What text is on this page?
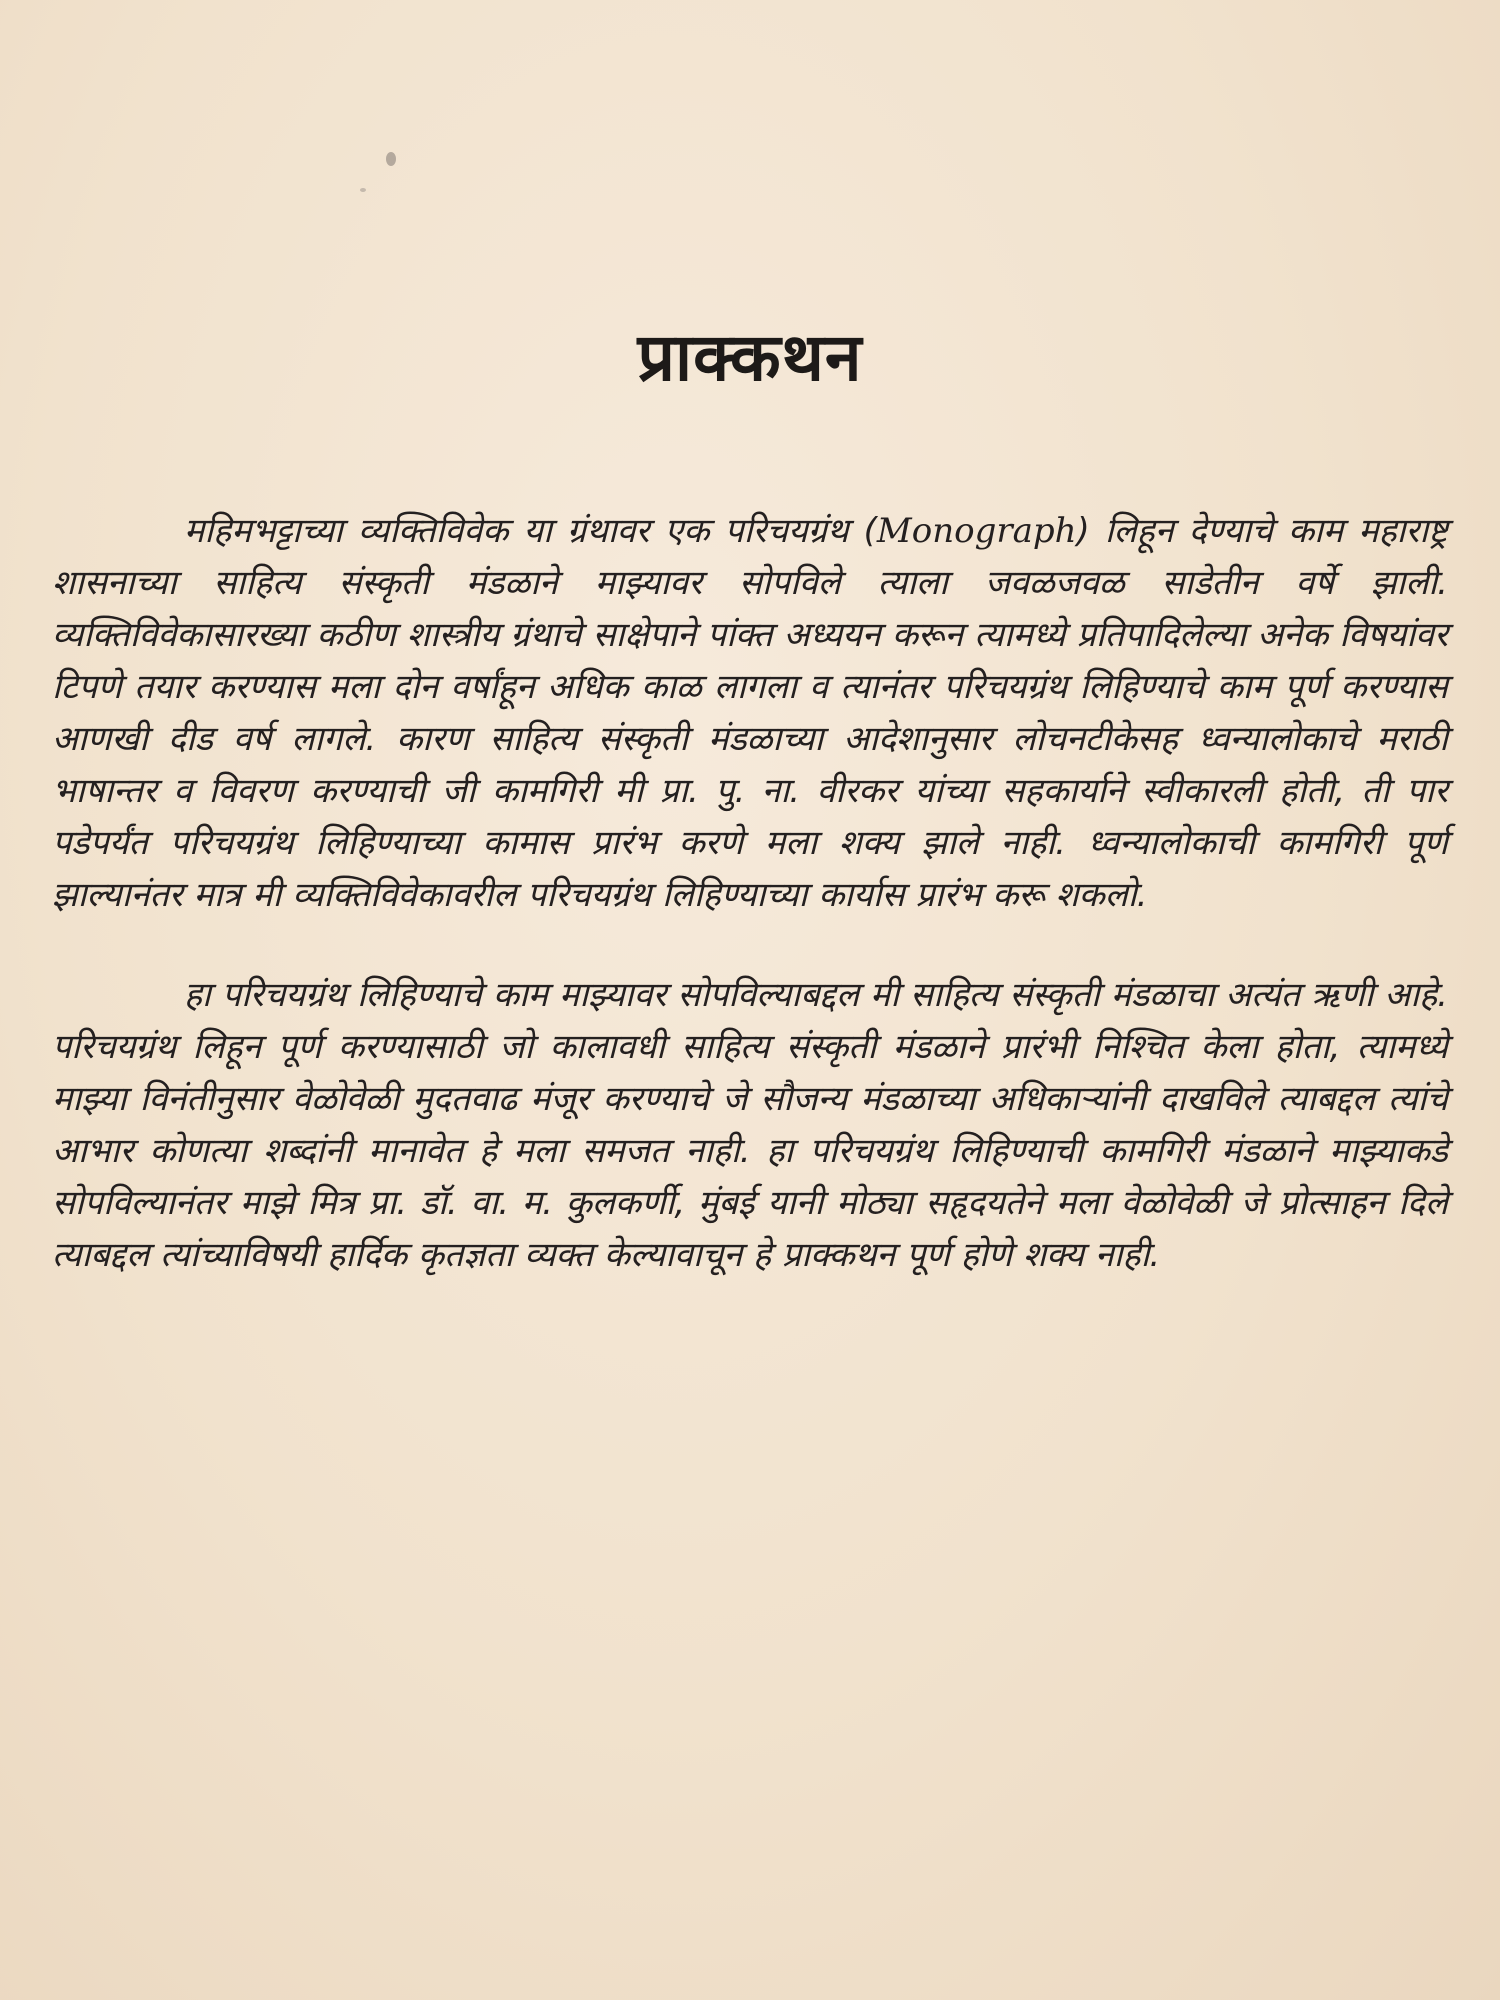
प्राक्कथन

महिमभट्टाच्या व्यक्तिविवेक या ग्रंथावर एक परिचयग्रंथ (Monograph) लिहून देण्याचे काम महाराष्ट्र शासनाच्या साहित्य संस्कृती मंडळाने माझ्यावर सोपविले त्याला जवळजवळ साडेतीन वर्षे झाली. व्यक्तिविवेकासारख्या कठीण शास्त्रीय ग्रंथाचे साक्षेपाने पांक्त अध्ययन करून त्यामध्ये प्रतिपादिलेल्या अनेक विषयांवर टिपणे तयार करण्यास मला दोन वर्षांहून अधिक काळ लागला व त्यानंतर परिचयग्रंथ लिहिण्याचे काम पूर्ण करण्यास आणखी दीड वर्ष लागले. कारण साहित्य संस्कृती मंडळाच्या आदेशानुसार लोचनटीकेसह ध्वन्यालोकाचे मराठी भाषान्तर व विवरण करण्याची जी कामगिरी मी प्रा. पु. ना. वीरकर यांच्या सहकार्याने स्वीकारली होती, ती पार पडेपर्यंत परिचयग्रंथ लिहिण्याच्या कामास प्रारंभ करणे मला शक्य झाले नाही. ध्वन्यालोकाची कामगिरी पूर्ण झाल्यानंतर मात्र मी व्यक्तिविवेकावरील परिचयग्रंथ लिहिण्याच्या कार्यास प्रारंभ करू शकलो.

हा परिचयग्रंथ लिहिण्याचे काम माझ्यावर सोपविल्याबद्दल मी साहित्य संस्कृती मंडळाचा अत्यंत ऋणी आहे. परिचयग्रंथ लिहून पूर्ण करण्यासाठी जो कालावधी साहित्य संस्कृती मंडळाने प्रारंभी निश्चित केला होता, त्यामध्ये माझ्या विनंतीनुसार वेळोवेळी मुदतवाढ मंजूर करण्याचे जे सौजन्य मंडळाच्या अधिकाऱ्यांनी दाखविले त्याबद्दल त्यांचे आभार कोणत्या शब्दांनी मानावेत हे मला समजत नाही. हा परिचयग्रंथ लिहिण्याची कामगिरी मंडळाने माझ्याकडे सोपविल्यानंतर माझे मित्र प्रा. डॉ. वा. म. कुलकर्णी, मुंबई यानी मोठ्या सहृदयतेने मला वेळोवेळी जे प्रोत्साहन दिले त्याबद्दल त्यांच्याविषयी हार्दिक कृतज्ञता व्यक्त केल्यावाचून हे प्राक्कथन पूर्ण होणे शक्य नाही.
